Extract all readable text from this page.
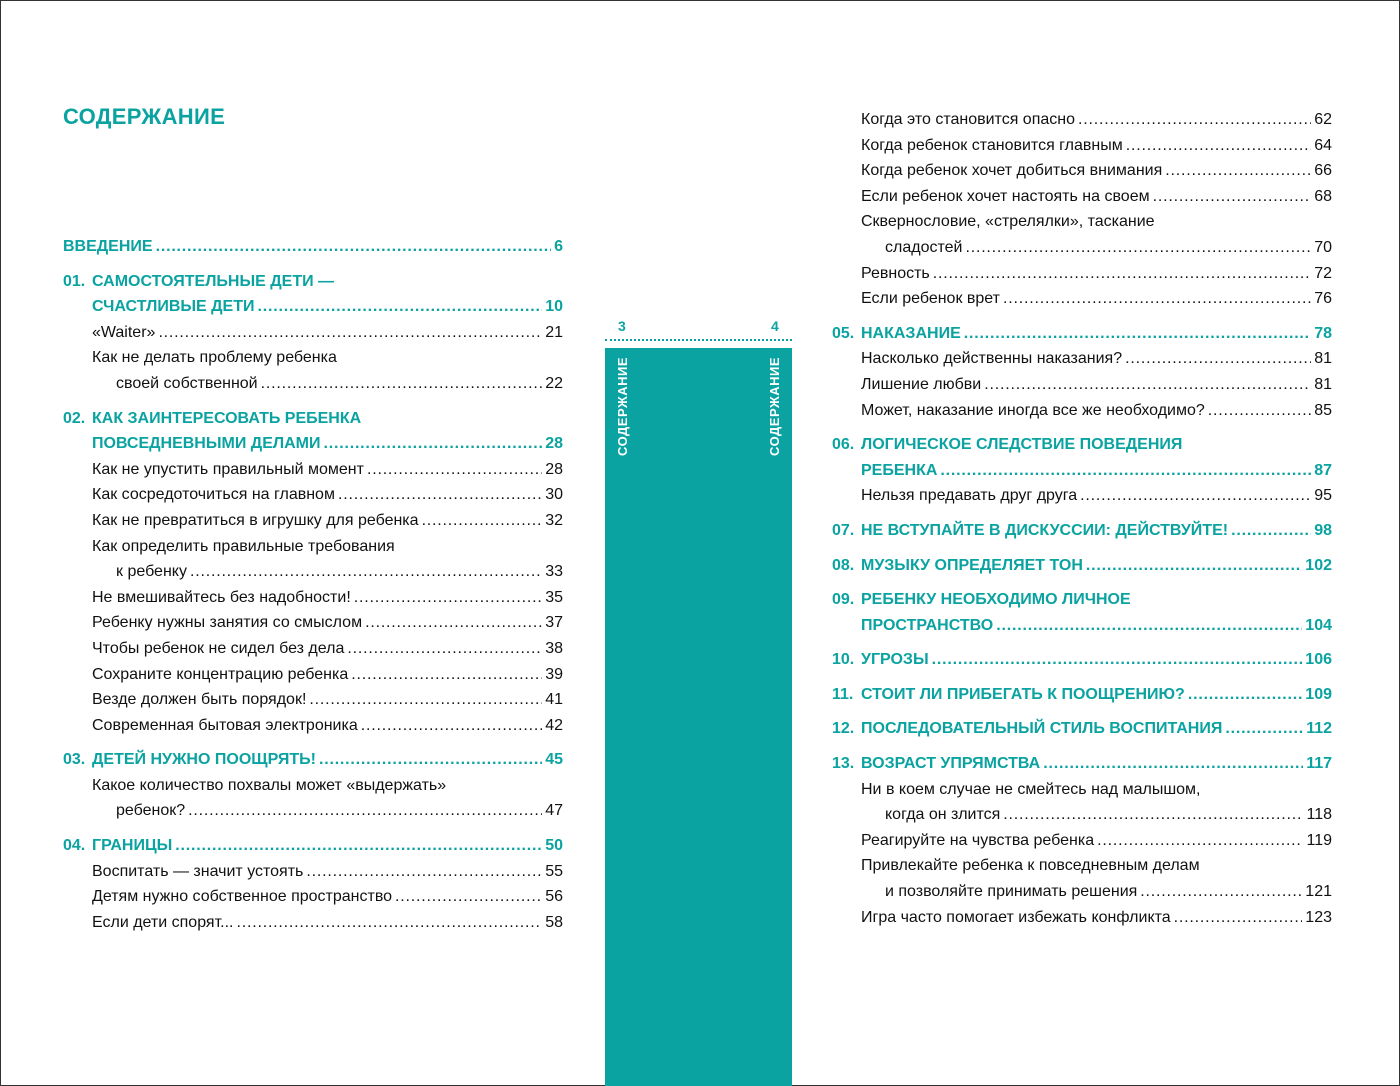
СОДЕРЖАНИЕ
ВВЕДЕНИЕ .....	6
01. САМОСТОЯТЕЛЬНЫЕ ДЕТИ —
СЧАСТЛИВЫЕ ДЕТИ .....	10
«Waiter» .....	21
Как не делать проблему ребенка
своей собственной .....	22
02. КАК ЗАИНТЕРЕСОВАТЬ РЕБЕНКА
ПОВСЕДНЕВНЫМИ ДЕЛАМИ .....	28
Как не упустить правильный момент .....	28
Как сосредоточиться на главном .....	30
Как не превратиться в игрушку для ребенка .....	32
Как определить правильные требования
к ребенку .....	33
Не вмешивайтесь без надобности! .....	35
Ребенку нужны занятия со смыслом .....	37
Чтобы ребенок не сидел без дела .....	38
Сохраните концентрацию ребенка .....	39
Везде должен быть порядок! .....	41
Современная бытовая электроника .....	42
03. ДЕТЕЙ НУЖНО ПООЩРЯТЬ! .....	45
Какое количество похвалы может «выдержать»
ребенок? .....	47
04. ГРАНИЦЫ .....	50
Воспитать — значит устоять .....	55
Детям нужно собственное пространство .....	56
Если дети спорят... .....	58
Когда это становится опасно .....	62
Когда ребенок становится главным .....	64
Когда ребенок хочет добиться внимания .....	66
Если ребенок хочет настоять на своем .....	68
Сквернословие, «стрелялки», таскание
сладостей .....	70
Ревность .....	72
Если ребенок врет .....	76
05. НАКАЗАНИЕ .....	78
Насколько действенны наказания? .....	81
Лишение любви .....	81
Может, наказание иногда все же необходимо? .....	85
06. ЛОГИЧЕСКОЕ СЛЕДСТВИЕ ПОВЕДЕНИЯ
РЕБЕНКА .....	87
Нельзя предавать друг друга .....	95
07. НЕ ВСТУПАЙТЕ В ДИСКУССИИ: ДЕЙСТВУЙТЕ! .....	98
08. МУЗЫКУ ОПРЕДЕЛЯЕТ ТОН .....	102
09. РЕБЕНКУ НЕОБХОДИМО ЛИЧНОЕ
ПРОСТРАНСТВО .....	104
10. УГРОЗЫ .....	106
11. СТОИТ ЛИ ПРИБЕГАТЬ К ПООЩРЕНИЮ? .....	109
12. ПОСЛЕДОВАТЕЛЬНЫЙ СТИЛЬ ВОСПИТАНИЯ .....	112
13. ВОЗРАСТ УПРЯМСТВА .....	117
Ни в коем случае не смейтесь над малышом,
когда он злится .....	118
Реагируйте на чувства ребенка .....	119
Привлекайте ребенка к повседневным делам
и позволяйте принимать решения .....	121
Игра часто помогает избежать конфликта .....	123
3	4
СОДЕРЖАНИЕ	СОДЕРЖАНИЕ
